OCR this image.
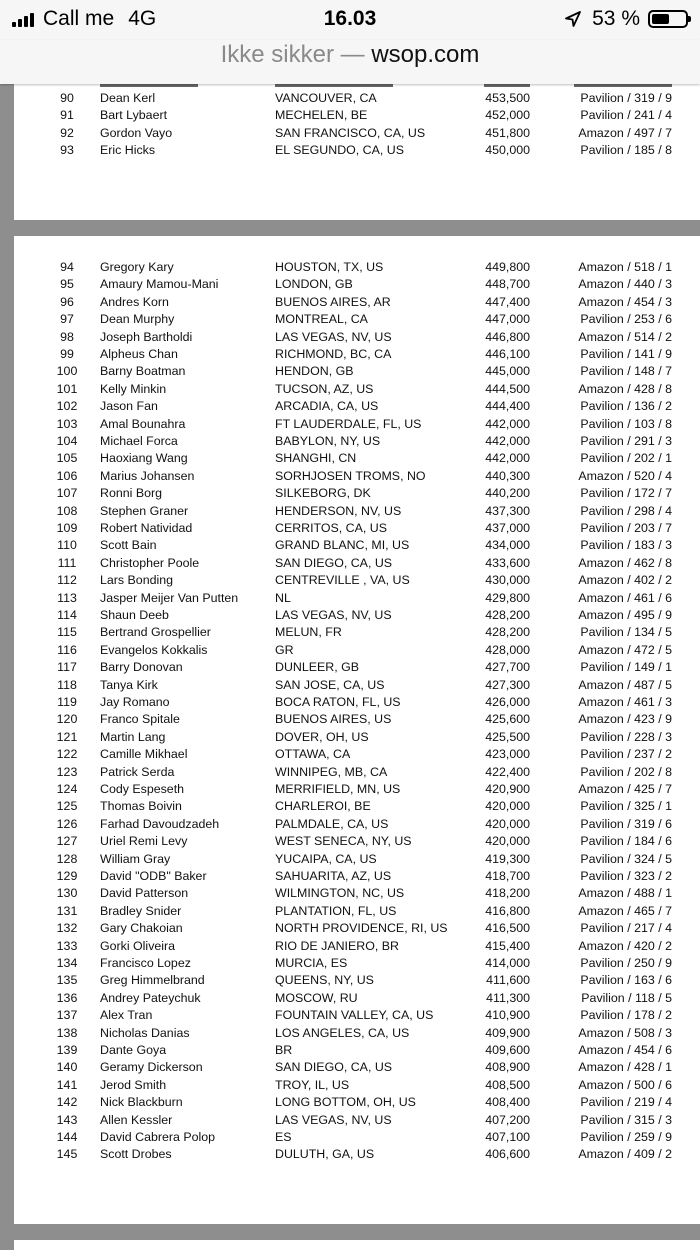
Call me 4G	16.03	53 %
Ikke sikker — wsop.com
90	Dean Kerl	VANCOUVER, CA	453,500	Pavilion / 319 / 9
91	Bart Lybaert	MECHELEN, BE	452,000	Pavilion / 241 / 4
92	Gordon Vayo	SAN FRANCISCO, CA, US	451,800	Amazon / 497 / 7
93	Eric Hicks	EL SEGUNDO, CA, US	450,000	Pavilion / 185 / 8
94	Gregory Kary	HOUSTON, TX, US	449,800	Amazon / 518 / 1
95	Amaury Mamou-Mani	LONDON, GB	448,700	Amazon / 440 / 3
96	Andres Korn	BUENOS AIRES, AR	447,400	Amazon / 454 / 3
97	Dean Murphy	MONTREAL, CA	447,000	Pavilion / 253 / 6
98	Joseph Bartholdi	LAS VEGAS, NV, US	446,800	Amazon / 514 / 2
99	Alpheus Chan	RICHMOND, BC, CA	446,100	Pavilion / 141 / 9
100	Barny Boatman	HENDON, GB	445,000	Pavilion / 148 / 7
101	Kelly Minkin	TUCSON, AZ, US	444,500	Amazon / 428 / 8
102	Jason Fan	ARCADIA, CA, US	444,400	Pavilion / 136 / 2
103	Amal Bounahra	FT LAUDERDALE, FL, US	442,000	Pavilion / 103 / 8
104	Michael Forca	BABYLON, NY, US	442,000	Pavilion / 291 / 3
105	Haoxiang Wang	SHANGHI, CN	442,000	Pavilion / 202 / 1
106	Marius Johansen	SORHJOSEN TROMS, NO	440,300	Amazon / 520 / 4
107	Ronni Borg	SILKEBORG, DK	440,200	Pavilion / 172 / 7
108	Stephen Graner	HENDERSON, NV, US	437,300	Pavilion / 298 / 4
109	Robert Natividad	CERRITOS, CA, US	437,000	Pavilion / 203 / 7
110	Scott Bain	GRAND BLANC, MI, US	434,000	Pavilion / 183 / 3
111	Christopher Poole	SAN DIEGO, CA, US	433,600	Amazon / 462 / 8
112	Lars Bonding	CENTREVILLE , VA, US	430,000	Amazon / 402 / 2
113	Jasper Meijer Van Putten	NL	429,800	Amazon / 461 / 6
114	Shaun Deeb	LAS VEGAS, NV, US	428,200	Amazon / 495 / 9
115	Bertrand Grospellier	MELUN, FR	428,200	Pavilion / 134 / 5
116	Evangelos Kokkalis	GR	428,000	Amazon / 472 / 5
117	Barry Donovan	DUNLEER, GB	427,700	Pavilion / 149 / 1
118	Tanya Kirk	SAN JOSE, CA, US	427,300	Amazon / 487 / 5
119	Jay Romano	BOCA RATON, FL, US	426,000	Amazon / 461 / 3
120	Franco Spitale	BUENOS AIRES, US	425,600	Amazon / 423 / 9
121	Martin Lang	DOVER, OH, US	425,500	Pavilion / 228 / 3
122	Camille Mikhael	OTTAWA, CA	423,000	Pavilion / 237 / 2
123	Patrick Serda	WINNIPEG, MB, CA	422,400	Pavilion / 202 / 8
124	Cody Espeseth	MERRIFIELD, MN, US	420,900	Amazon / 425 / 7
125	Thomas Boivin	CHARLEROI, BE	420,000	Pavilion / 325 / 1
126	Farhad Davoudzadeh	PALMDALE, CA, US	420,000	Pavilion / 319 / 6
127	Uriel Remi Levy	WEST SENECA, NY, US	420,000	Pavilion / 184 / 6
128	William Gray	YUCAIPA, CA, US	419,300	Pavilion / 324 / 5
129	David "ODB" Baker	SAHUARITA, AZ, US	418,700	Pavilion / 323 / 2
130	David Patterson	WILMINGTON, NC, US	418,200	Amazon / 488 / 1
131	Bradley Snider	PLANTATION, FL, US	416,800	Amazon / 465 / 7
132	Gary Chakoian	NORTH PROVIDENCE, RI, US	416,500	Pavilion / 217 / 4
133	Gorki Oliveira	RIO DE JANIERO, BR	415,400	Amazon / 420 / 2
134	Francisco Lopez	MURCIA, ES	414,000	Pavilion / 250 / 9
135	Greg Himmelbrand	QUEENS, NY, US	411,600	Pavilion / 163 / 6
136	Andrey Pateychuk	MOSCOW, RU	411,300	Pavilion / 118 / 5
137	Alex Tran	FOUNTAIN VALLEY, CA, US	410,900	Pavilion / 178 / 2
138	Nicholas Danias	LOS ANGELES, CA, US	409,900	Amazon / 508 / 3
139	Dante Goya	BR	409,600	Amazon / 454 / 6
140	Geramy Dickerson	SAN DIEGO, CA, US	408,900	Amazon / 428 / 1
141	Jerod Smith	TROY, IL, US	408,500	Amazon / 500 / 6
142	Nick Blackburn	LONG BOTTOM, OH, US	408,400	Pavilion / 219 / 4
143	Allen Kessler	LAS VEGAS, NV, US	407,200	Pavilion / 315 / 3
144	David Cabrera Polop	ES	407,100	Pavilion / 259 / 9
145	Scott Drobes	DULUTH, GA, US	406,600	Amazon / 409 / 2
